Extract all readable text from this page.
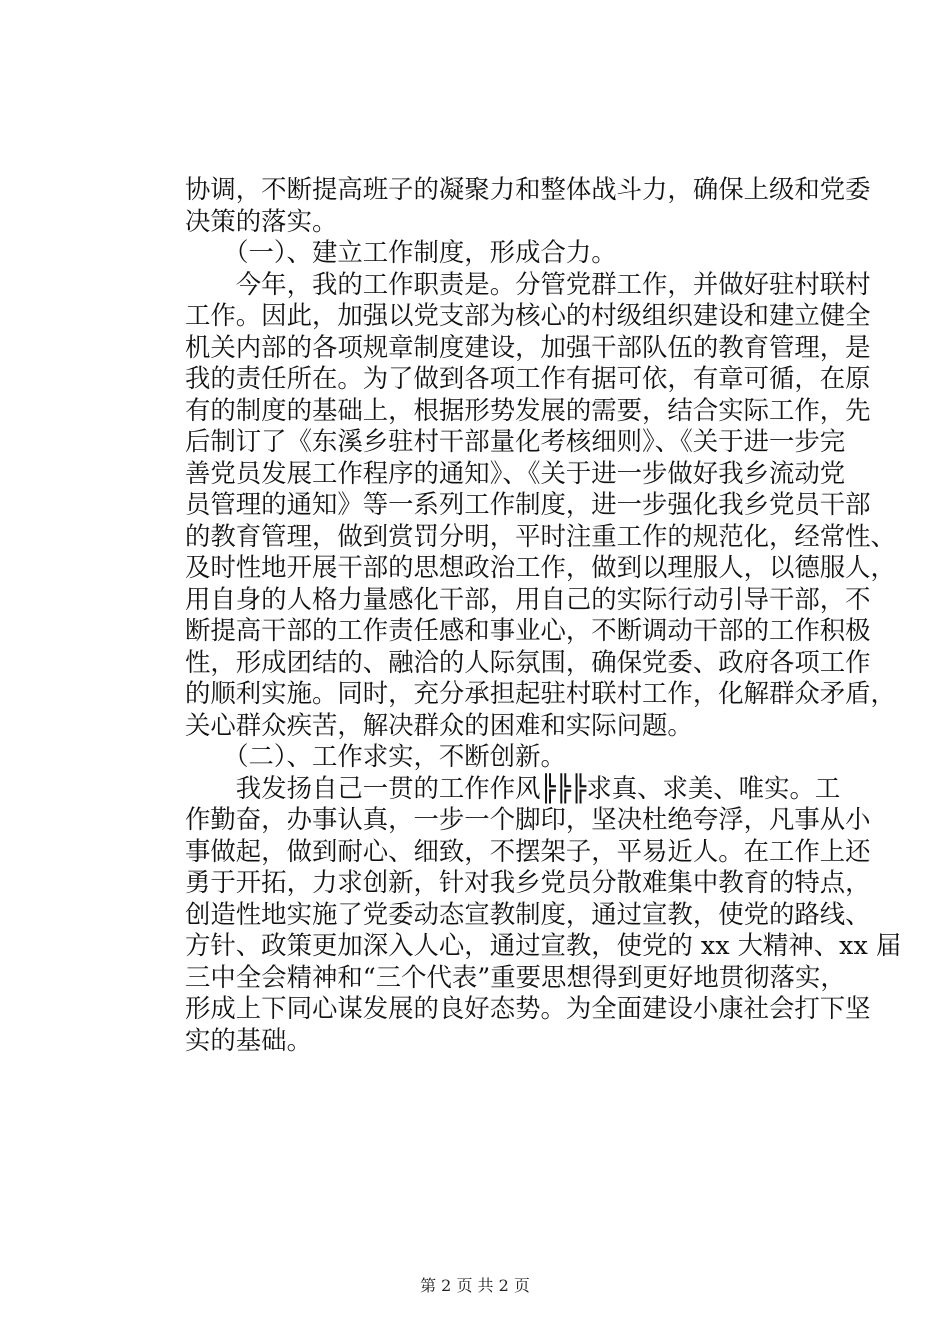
协调，不断提高班子的凝聚力和整体战斗力，确保上级和党委
决策的落实。
　　（一）、建立工作制度，形成合力。
　　今年，我的工作职责是。分管党群工作，并做好驻村联村
工作。因此，加强以党支部为核心的村级组织建设和建立健全
机关内部的各项规章制度建设，加强干部队伍的教育管理，是
我的责任所在。为了做到各项工作有据可依，有章可循，在原
有的制度的基础上，根据形势发展的需要，结合实际工作，先
后制订了《东溪乡驻村干部量化考核细则》、《关于进一步完
善党员发展工作程序的通知》、《关于进一步做好我乡流动党
员管理的通知》等一系列工作制度，进一步强化我乡党员干部
的教育管理，做到赏罚分明，平时注重工作的规范化，经常性、
及时性地开展干部的思想政治工作，做到以理服人，以德服人，
用自身的人格力量感化干部，用自己的实际行动引导干部，不
断提高干部的工作责任感和事业心，不断调动干部的工作积极
性，形成团结的、融洽的人际氛围，确保党委、政府各项工作
的顺利实施。同时，充分承担起驻村联村工作，化解群众矛盾，
关心群众疾苦，解决群众的困难和实际问题。
　　（二）、工作求实，不断创新。
　　我发扬自己一贯的工作作风╠╠╠求真、求美、唯实。工
作勤奋，办事认真，一步一个脚印，坚决杜绝夸浮，凡事从小
事做起，做到耐心、细致，不摆架子，平易近人。在工作上还
勇于开拓，力求创新，针对我乡党员分散难集中教育的特点，
创造性地实施了党委动态宣教制度，通过宣教，使党的路线、
方针、政策更加深入人心，通过宣教，使党的 xx 大精神、xx 届
三中全会精神和“三个代表”重要思想得到更好地贯彻落实，
形成上下同心谋发展的良好态势。为全面建设小康社会打下坚
实的基础。
第 2 页 共 2 页
